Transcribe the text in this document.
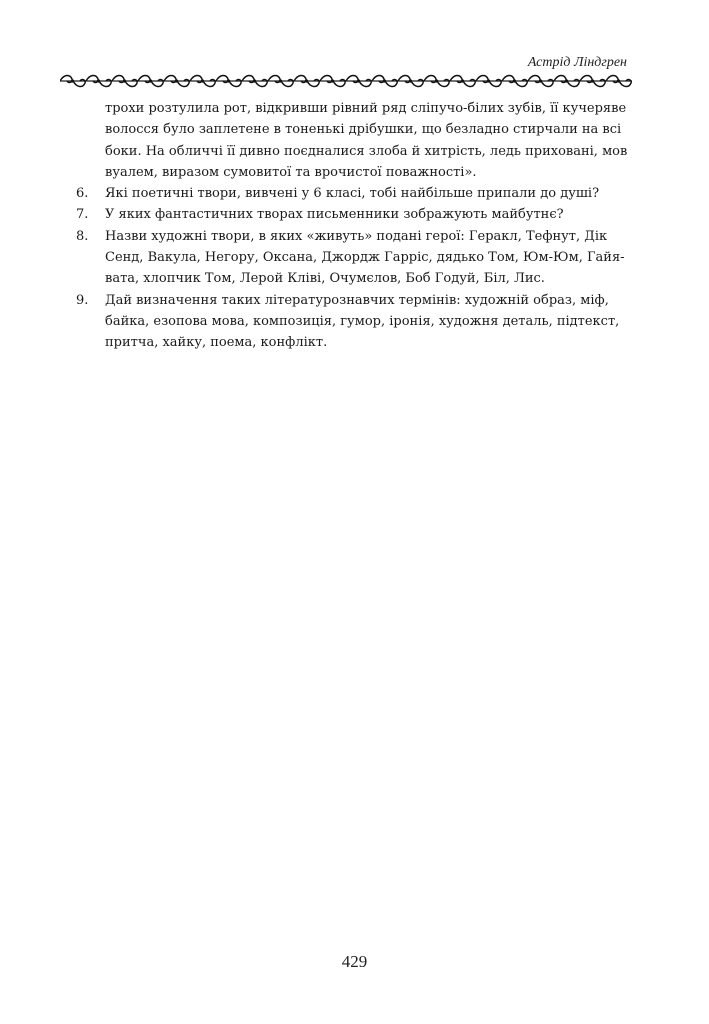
Астрід Ліндгрен
трохи розтулила рот, відкривши рівний ряд сліпучо-білих зубів, її кучеряве
волосся було заплетене в тоненькі дрібушки, що безладно стирчали на всі
боки. На обличчі її дивно поєдналися злоба й хитрість, ледь приховані, мов
вуалем, виразом сумовитої та врочистої поважності».
6.	Які поетичні твори, вивчені у 6 класі, тобі найбільше припали до душі?
7.	У яких фантастичних творах письменники зображують майбутнє?
8.	Назви художні твори, в яких «живуть» подані герої: Геракл, Тефнут, Дік
Сенд, Вакула, Негору, Оксана, Джордж Гарріс, дядько Том, Юм-Юм, Гайя-
вата, хлопчик Том, Лерой Кліві, Очумєлов, Боб Годуй, Біл, Лис.
9.	Дай визначення таких літературознавчих термінів: художній образ, міф,
байка, езопова мова, композиція, гумор, іронія, художня деталь, підтекст,
притча, хайку, поема, конфлікт.
429
